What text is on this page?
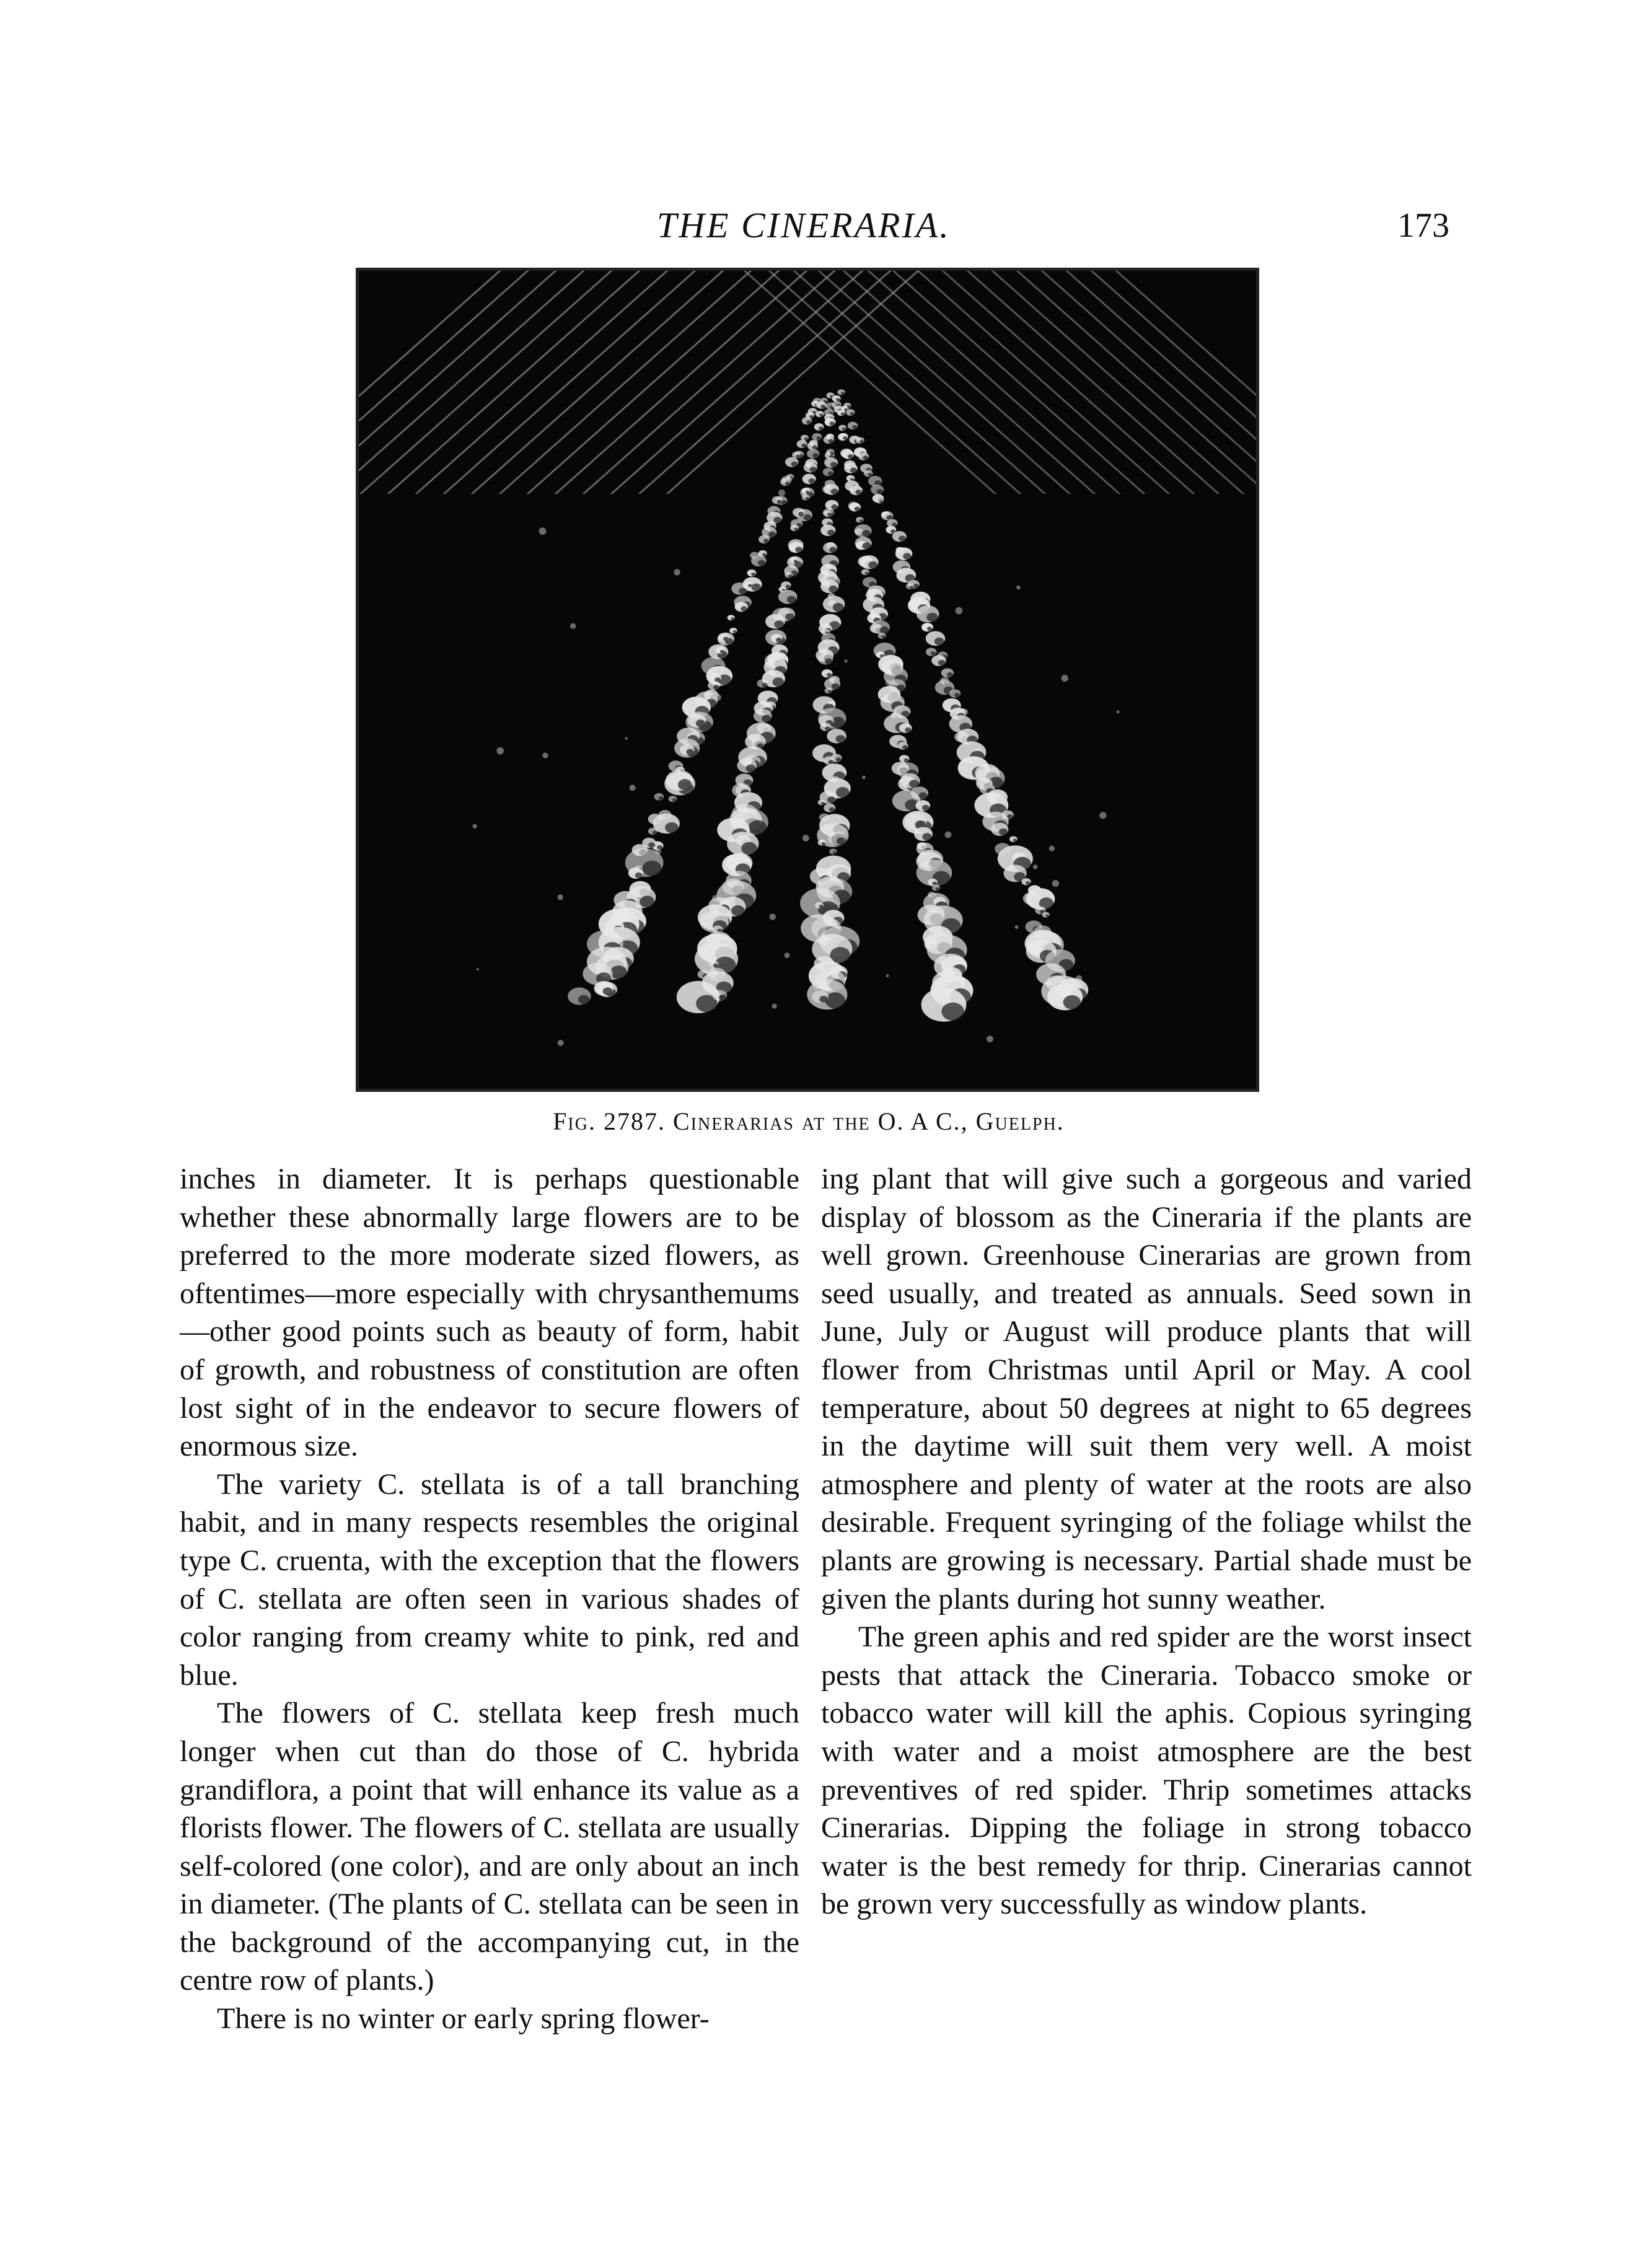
THE CINERARIA.	173
Fig. 2787. Cinerarias at the O. A C., Guelph.

inches in diameter. It is perhaps questionable whether these abnormally large flowers are to be preferred to the more moderate sized flowers, as oftentimes—more especially with chrysanthemums—other good points such as beauty of form, habit of growth, and robustness of constitution are often lost sight of in the endeavor to secure flowers of enormous size.

The variety C. stellata is of a tall branching habit, and in many respects resembles the original type C. cruenta, with the exception that the flowers of C. stellata are often seen in various shades of color ranging from creamy white to pink, red and blue.

The flowers of C. stellata keep fresh much longer when cut than do those of C. hybrida grandiflora, a point that will enhance its value as a florists flower. The flowers of C. stellata are usually self-colored (one color), and are only about an inch in diameter. (The plants of C. stellata can be seen in the background of the accompanying cut, in the centre row of plants.)

There is no winter or early spring flower-

ing plant that will give such a gorgeous and varied display of blossom as the Cineraria if the plants are well grown. Greenhouse Cinerarias are grown from seed usually, and treated as annuals. Seed sown in June, July or August will produce plants that will flower from Christmas until April or May. A cool temperature, about 50 degrees at night to 65 degrees in the daytime will suit them very well. A moist atmosphere and plenty of water at the roots are also desirable. Frequent syringing of the foliage whilst the plants are growing is necessary. Partial shade must be given the plants during hot sunny weather.

The green aphis and red spider are the worst insect pests that attack the Cineraria. Tobacco smoke or tobacco water will kill the aphis. Copious syringing with water and a moist atmosphere are the best preventives of red spider. Thrip sometimes attacks Cinerarias. Dipping the foliage in strong tobacco water is the best remedy for thrip. Cinerarias cannot be grown very successfully as window plants.
